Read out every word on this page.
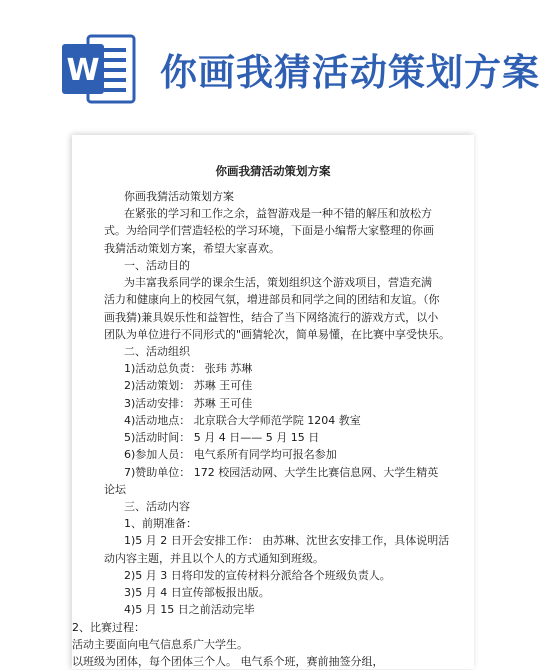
W 你画我猜活动策划方案
你画我猜活动策划方案
你画我猜活动策划方案
在紧张的学习和工作之余，益智游戏是一种不错的解压和放松方
式。为给同学们营造轻松的学习环境，下面是小编帮大家整理的你画
我猜活动策划方案，希望大家喜欢。
一、活动目的
为丰富我系同学的课余生活，策划组织这个游戏项目，营造充满
活力和健康向上的校园气氛，增进部员和同学之间的团结和友谊。（你
画我猜)兼具娱乐性和益智性，结合了当下网络流行的游戏方式，以小
团队为单位进行不同形式的"画猜轮次，简单易懂，在比赛中享受快乐。
二、活动组织
1)活动总负责： 张玮 苏琳
2)活动策划： 苏琳 王可佳
3)活动安排： 苏琳 王可佳
4)活动地点： 北京联合大学师范学院 1204 教室
5)活动时间： 5 月 4 日—— 5 月 15 日
6)参加人员： 电气系所有同学均可报名参加
7)赞助单位： 172 校园活动网、大学生比赛信息网、大学生精英
论坛
三、活动内容
1、前期准备：
1)5 月 2 日开会安排工作： 由苏琳、沈世玄安排工作，具体说明活
动内容主题，并且以个人的方式通知到班级。
2)5 月 3 日将印发的宣传材料分派给各个班级负责人。
3)5 月 4 日宣传部板报出版。
4)5 月 15 日之前活动完毕
2、比赛过程：
活动主要面向电气信息系广大学生。
以班级为团体，每个团体三个人。 电气系个班，赛前抽签分组，
